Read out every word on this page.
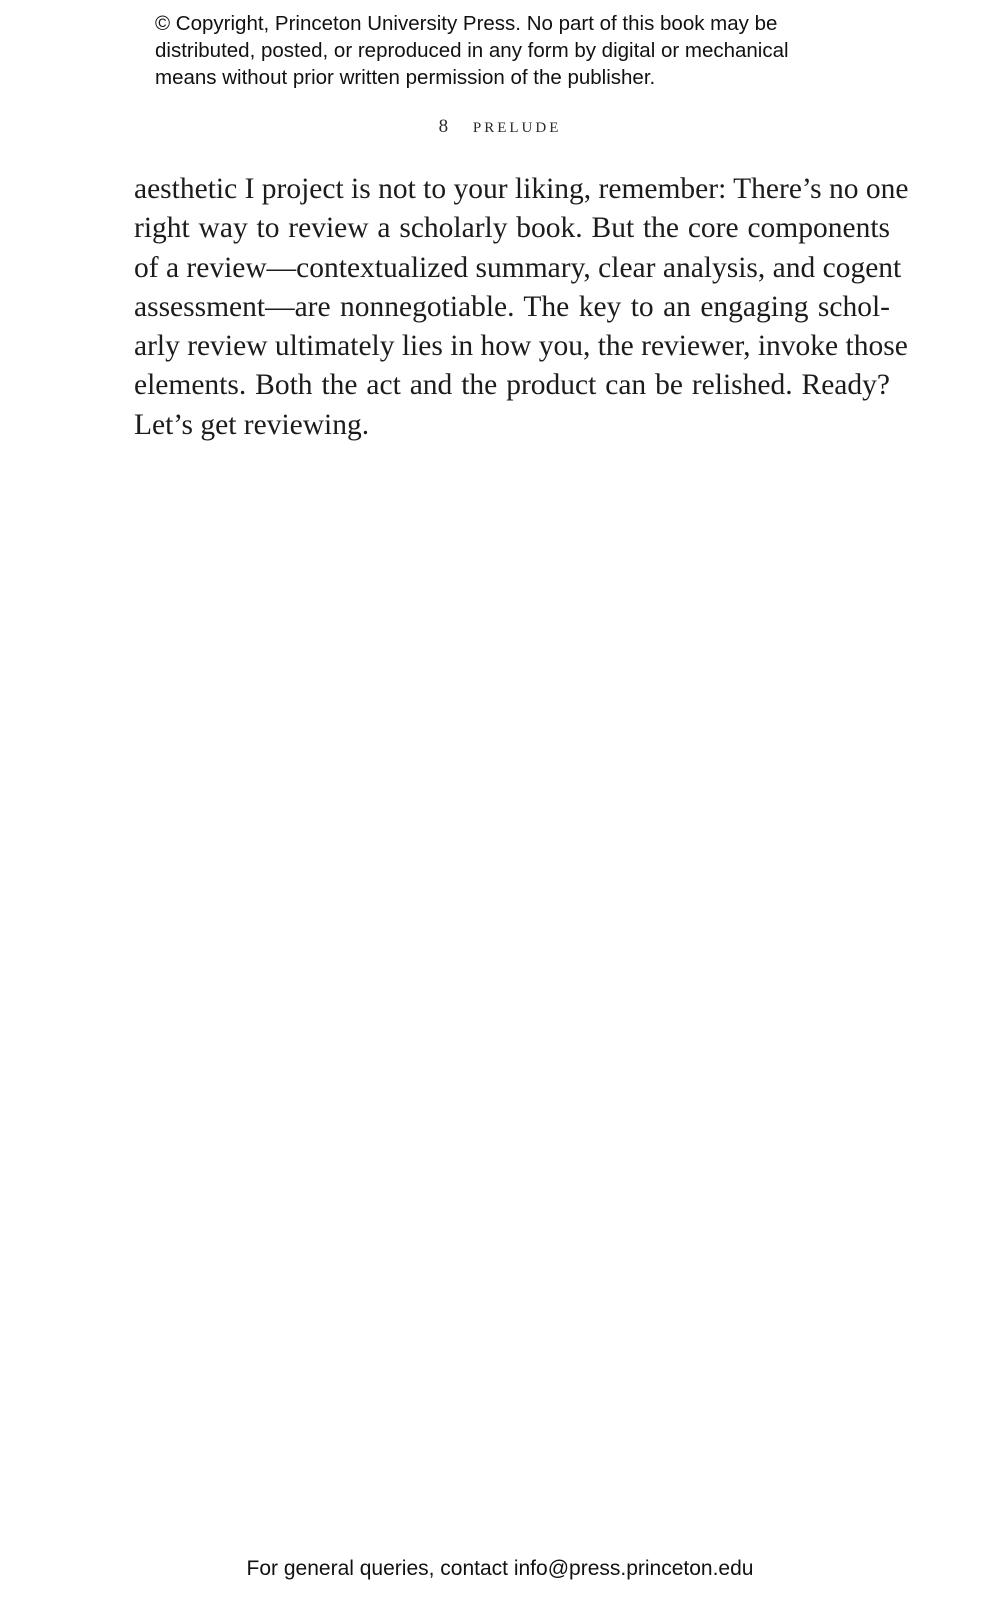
© Copyright, Princeton University Press. No part of this book may be
distributed, posted, or reproduced in any form by digital or mechanical
means without prior written permission of the publisher.
8 prelude
aesthetic I project is not to your liking, remember: There’s no one
right way to review a scholarly book. But the core components
of a review—contextualized summary, clear analysis, and cogent
assessment—are nonnegotiable. The key to an engaging schol-
arly review ultimately lies in how you, the reviewer, invoke those
elements. Both the act and the product can be relished. Ready?
Let’s get reviewing.
For general queries, contact info@press.princeton.edu
